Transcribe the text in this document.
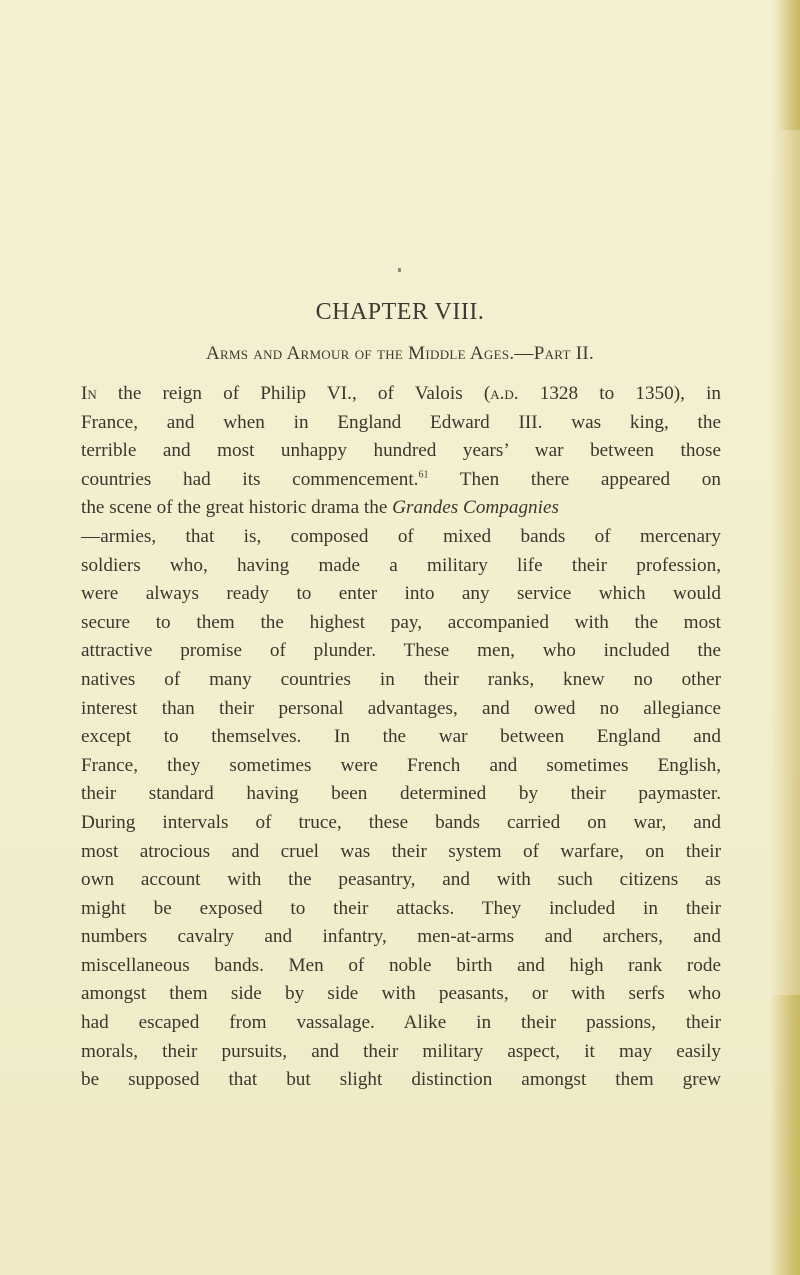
CHAPTER VIII.
Arms and Armour of the Middle Ages.—Part II.
In the reign of Philip VI., of Valois (a.d. 1328 to 1350), in
France, and when in England Edward III. was king, the
terrible and most unhappy hundred years’ war between those
countries had its commencement.$^{61}$ Then there appeared on
the scene of the great historic drama the Grandes Compagnies
—armies, that is, composed of mixed bands of mercenary
soldiers who, having made a military life their profession,
were always ready to enter into any service which would
secure to them the highest pay, accompanied with the most
attractive promise of plunder. These men, who included the
natives of many countries in their ranks, knew no other
interest than their personal advantages, and owed no allegiance
except to themselves. In the war between England and
France, they sometimes were French and sometimes English,
their standard having been determined by their paymaster.
During intervals of truce, these bands carried on war, and
most atrocious and cruel was their system of warfare, on their
own account with the peasantry, and with such citizens as
might be exposed to their attacks. They included in their
numbers cavalry and infantry, men-at-arms and archers, and
miscellaneous bands. Men of noble birth and high rank rode
amongst them side by side with peasants, or with serfs who
had escaped from vassalage. Alike in their passions, their
morals, their pursuits, and their military aspect, it may easily
be supposed that but slight distinction amongst them grew
